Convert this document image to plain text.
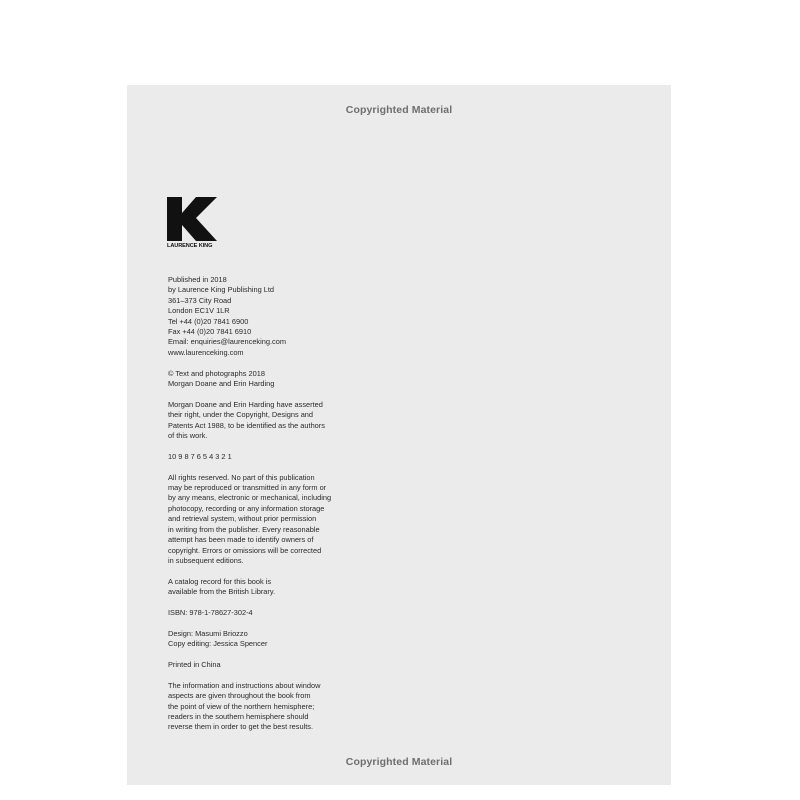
Copyrighted Material
LAURENCE KING

Published in 2018
by Laurence King Publishing Ltd
361–373 City Road
London EC1V 1LR
Tel +44 (0)20 7841 6900
Fax +44 (0)20 7841 6910
Email: enquiries@laurenceking.com
www.laurenceking.com

© Text and photographs 2018
Morgan Doane and Erin Harding

Morgan Doane and Erin Harding have asserted
their right, under the Copyright, Designs and
Patents Act 1988, to be identified as the authors
of this work.

10 9 8 7 6 5 4 3 2 1

All rights reserved. No part of this publication
may be reproduced or transmitted in any form or
by any means, electronic or mechanical, including
photocopy, recording or any information storage
and retrieval system, without prior permission
in writing from the publisher. Every reasonable
attempt has been made to identify owners of
copyright. Errors or omissions will be corrected
in subsequent editions.

A catalog record for this book is
available from the British Library.

ISBN: 978-1-78627-302-4

Design: Masumi Briozzo
Copy editing: Jessica Spencer

Printed in China

The information and instructions about window
aspects are given throughout the book from
the point of view of the northern hemisphere;
readers in the southern hemisphere should
reverse them in order to get the best results.

Copyrighted Material
